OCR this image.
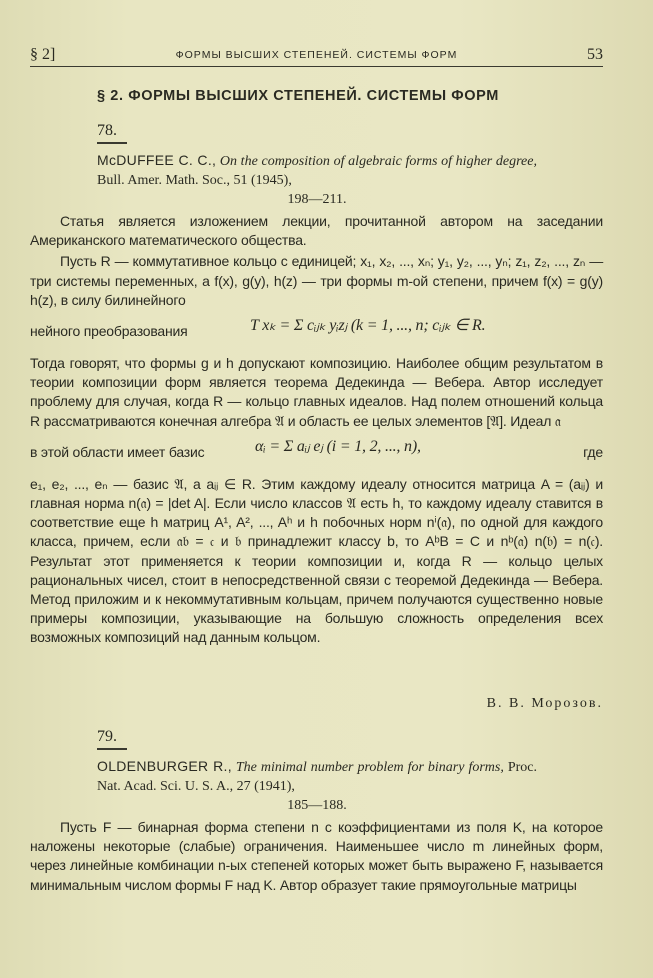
§ 2]	ФОРМЫ ВЫСШИХ СТЕПЕНЕЙ. СИСТЕМЫ ФОРМ	53
§ 2. ФОРМЫ ВЫСШИХ СТЕПЕНЕЙ. СИСТЕМЫ ФОРМ
78.
McDUFFEE C. C., On the composition of algebraic forms of higher degree, Bull. Amer. Math. Soc., 51 (1945),
198—211.

Статья является изложением лекции, прочитанной автором на заседании Американского математического общества.

Пусть R — коммутативное кольцо с единицей; x₁, x₂, ..., xₙ; y₁, y₂, ..., yₙ; z₁, z₂, ..., zₙ — три системы переменных, а f(x), g(y), h(z) — три формы m-ой степени, причем f(x) = g(y) h(z), в силу билинейного

нейного преобразования	T xₖ = Σ cᵢⱼₖ yᵢzⱼ (k = 1, ..., n; cᵢⱼₖ ∈ R.

Тогда говорят, что формы g и h допускают композицию. Наиболее общим результатом в теории композиции форм является теорема Дедекинда — Вебера. Автор исследует проблему для случая, когда R — кольцо главных идеалов. Над полем отношений кольца R рассматриваются конечная алгебра 𝔄 и область ее целых элементов [𝔄]. Идеал 𝔞

в этой области имеет базис	αᵢ = Σ aᵢⱼ eⱼ (i = 1, 2, ..., n),	где

e₁, e₂, ..., eₙ — базис 𝔄, а aᵢⱼ ∈ R. Этим каждому идеалу относится матрица A = (aᵢⱼ) и главная норма n(𝔞) = |det A|. Если число классов 𝔄 есть h, то каждому идеалу ставится в соответствие еще h матриц A¹, A², ..., Aʰ и h побочных норм nⁱ(𝔞), по одной для каждого класса, причем, если 𝔞𝔟 = 𝔠 и 𝔟 принадлежит классу b, то AᵇB = C и nᵇ(𝔞) n(𝔟) = n(𝔠). Результат этот применяется к теории композиции и, когда R — кольцо целых рациональных чисел, стоит в непосредственной связи с теоремой Дедекинда — Вебера. Метод приложим и к некоммутативным кольцам, причем получаются существенно новые примеры композиции, указывающие на большую сложность определения всех возможных композиций над данным кольцом.

В. В. Морозов.
79.
OLDENBURGER R., The minimal number problem for binary forms, Proc. Nat. Acad. Sci. U. S. A., 27 (1941),
185—188.

Пусть F — бинарная форма степени n с коэффициентами из поля K, на которое наложены некоторые (слабые) ограничения. Наименьшее число m линейных форм, через линейные комбинации n-ых степеней которых может быть выражено F, называется минимальным числом формы F над K. Автор образует такие прямоугольные матрицы
